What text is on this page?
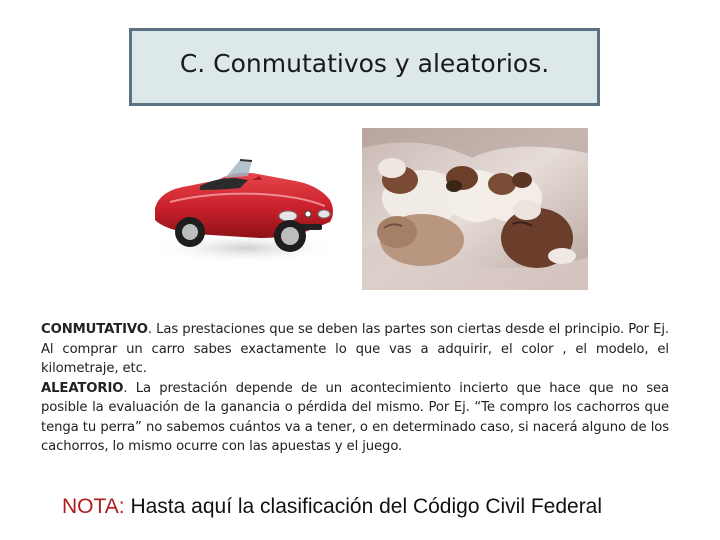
C. Conmutativos y aleatorios.

CONMUTATIVO. Las prestaciones que se deben las partes son ciertas desde el principio. Por Ej. Al comprar un carro sabes exactamente lo que vas a adquirir, el color , el modelo, el kilometraje, etc.

ALEATORIO. La prestación depende de un acontecimiento incierto que hace que no sea posible la evaluación de la ganancia o pérdida del mismo. Por Ej. “Te compro los cachorros que tenga tu perra” no sabemos cuántos va a tener, o en determinado caso, si nacerá alguno de los cachorros, lo mismo ocurre con las apuestas y el juego.

NOTA: Hasta aquí la clasificación del Código Civil Federal
